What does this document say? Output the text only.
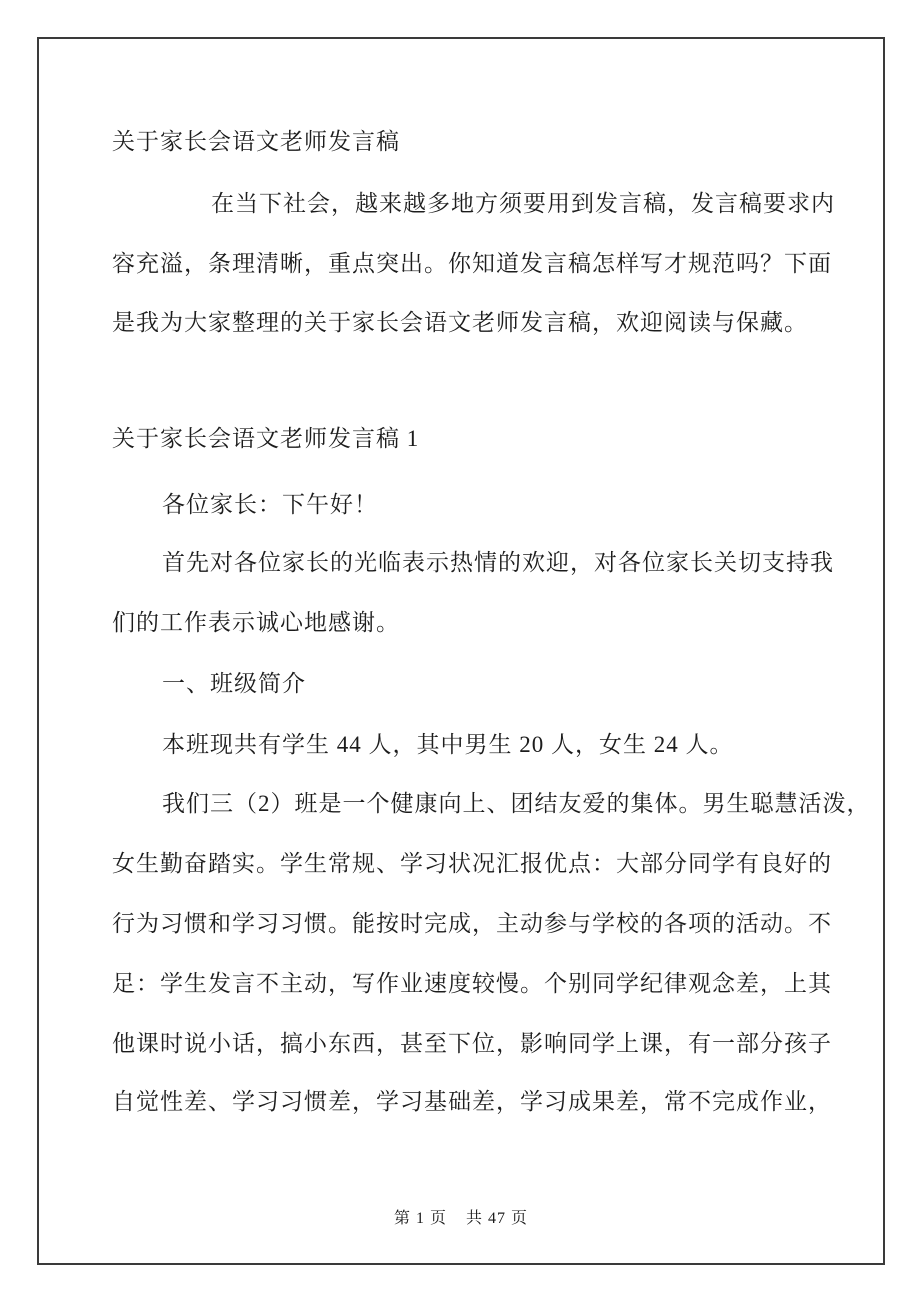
关于家长会语文老师发言稿
在当下社会，越来越多地方须要用到发言稿，发言稿要求内
容充溢，条理清晰，重点突出。你知道发言稿怎样写才规范吗？下面
是我为大家整理的关于家长会语文老师发言稿，欢迎阅读与保藏。
关于家长会语文老师发言稿 1
各位家长：下午好！
首先对各位家长的光临表示热情的欢迎，对各位家长关切支持我
们的工作表示诚心地感谢。
一、班级简介
本班现共有学生 44 人，其中男生 20 人，女生 24 人。
我们三（2）班是一个健康向上、团结友爱的集体。男生聪慧活泼，
女生勤奋踏实。学生常规、学习状况汇报优点：大部分同学有良好的
行为习惯和学习习惯。能按时完成，主动参与学校的各项的活动。不
足：学生发言不主动，写作业速度较慢。个别同学纪律观念差，上其
他课时说小话，搞小东西，甚至下位，影响同学上课，有一部分孩子
自觉性差、学习习惯差，学习基础差，学习成果差，常不完成作业，
第 1 页 共 47 页
